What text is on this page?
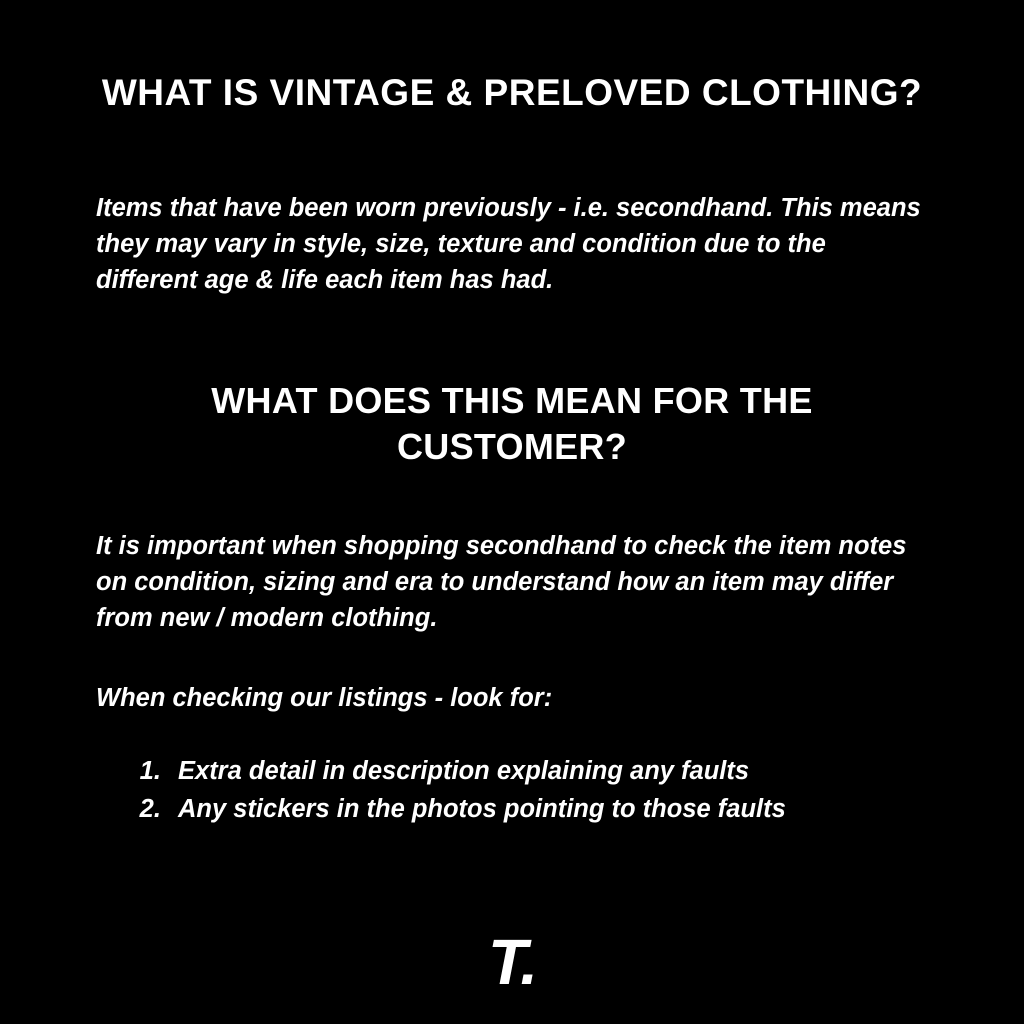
WHAT IS VINTAGE & PRELOVED CLOTHING?
Items that have been worn previously - i.e. secondhand. This means they may vary in style, size, texture and condition due to the different age & life each item has had.
WHAT DOES THIS MEAN FOR THE CUSTOMER?
It is important when shopping secondhand to check the item notes on condition, sizing and era to understand how an item may differ from new / modern clothing.
When checking our listings - look for:
1. Extra detail in description explaining any faults
2. Any stickers in the photos pointing to those faults
T.
